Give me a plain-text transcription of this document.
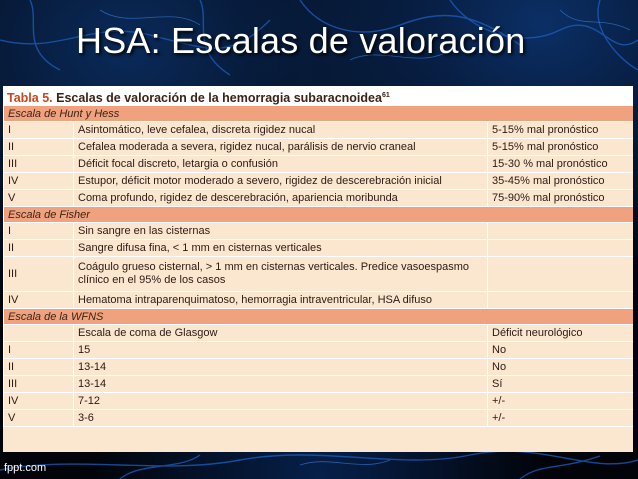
HSA: Escalas de valoración
Tabla 5. Escalas de valoración de la hemorragia subaracnoidea$^{61}$
Escala de Hunt y Hess		
I	Asintomático, leve cefalea, discreta rigidez nucal	5-15% mal pronóstico
II	Cefalea moderada a severa, rigidez nucal, parálisis de nervio craneal	5-15% mal pronóstico
III	Déficit focal discreto, letargia o confusión	15-30 % mal pronóstico
IV	Estupor, déficit motor moderado a severo, rigidez de descerebración inicial	35-45% mal pronóstico
V	Coma profundo, rigidez de descerebración, apariencia moribunda	75-90% mal pronóstico
Escala de Fisher		
I	Sin sangre en las cisternas	
II	Sangre difusa fina, < 1 mm en cisternas verticales	
III	Coágulo grueso cisternal, > 1 mm en cisternas verticales. Predice vasoespasmo clínico en el 95% de los casos	
IV	Hematoma intraparenquimatoso, hemorragia intraventricular, HSA difuso	
Escala de la WFNS		
	Escala de coma de Glasgow	Déficit neurológico
I	15	No
II	13-14	No
III	13-14	Sí
IV	7-12	+/-
V	3-6	+/-
fppt.com
